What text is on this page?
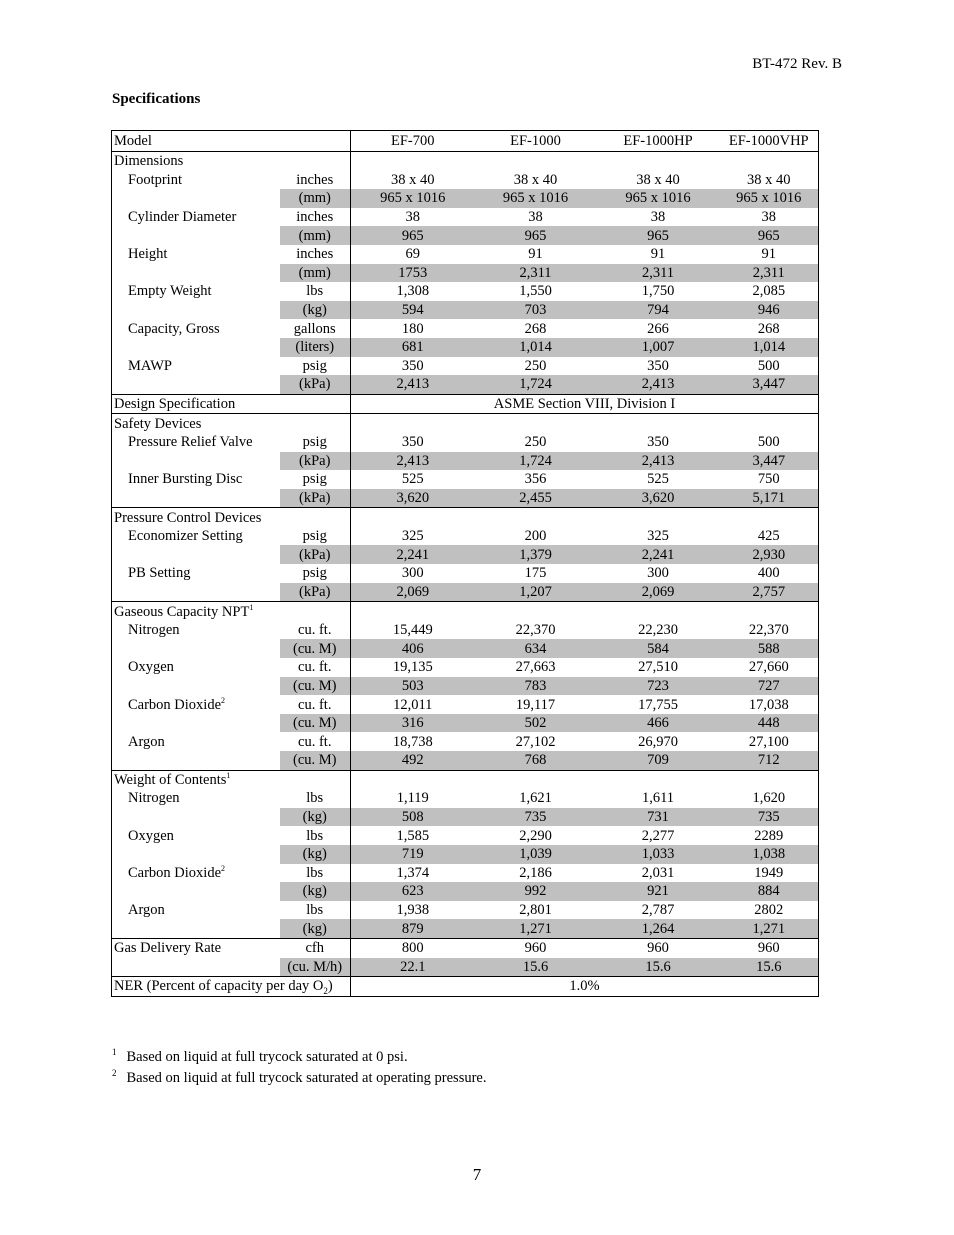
BT-472 Rev. B
Specifications
Model		EF-700	EF-1000	EF-1000HP	EF-1000VHP
Dimensions					
Footprint	inches	38 x 40	38 x 40	38 x 40	38 x 40
	(mm)	965 x 1016	965 x 1016	965 x 1016	965 x 1016
Cylinder Diameter	inches	38	38	38	38
	(mm)	965	965	965	965
Height	inches	69	91	91	91
	(mm)	1753	2,311	2,311	2,311
Empty Weight	lbs	1,308	1,550	1,750	2,085
	(kg)	594	703	794	946
Capacity, Gross	gallons	180	268	266	268
	(liters)	681	1,014	1,007	1,014
MAWP	psig	350	250	350	500
	(kPa)	2,413	1,724	2,413	3,447
Design Specification		ASME Section VIII, Division I			
Safety Devices					
Pressure Relief Valve	psig	350	250	350	500
	(kPa)	2,413	1,724	2,413	3,447
Inner Bursting Disc	psig	525	356	525	750
	(kPa)	3,620	2,455	3,620	5,171
Pressure Control Devices					
Economizer Setting	psig	325	200	325	425
	(kPa)	2,241	1,379	2,241	2,930
PB Setting	psig	300	175	300	400
	(kPa)	2,069	1,207	2,069	2,757
Gaseous Capacity NPT$^1$					
Nitrogen	cu. ft.	15,449	22,370	22,230	22,370
	(cu. M)	406	634	584	588
Oxygen	cu. ft.	19,135	27,663	27,510	27,660
	(cu. M)	503	783	723	727
Carbon Dioxide$^2$	cu. ft.	12,011	19,117	17,755	17,038
	(cu. M)	316	502	466	448
Argon	cu. ft.	18,738	27,102	26,970	27,100
	(cu. M)	492	768	709	712
Weight of Contents$^1$					
Nitrogen	lbs	1,119	1,621	1,611	1,620
	(kg)	508	735	731	735
Oxygen	lbs	1,585	2,290	2,277	2289
	(kg)	719	1,039	1,033	1,038
Carbon Dioxide$^2$	lbs	1,374	2,186	2,031	1949
	(kg)	623	992	921	884
Argon	lbs	1,938	2,801	2,787	2802
	(kg)	879	1,271	1,264	1,271
Gas Delivery Rate	cfh	800	960	960	960
	(cu. M/h)	22.1	15.6	15.6	15.6
NER (Percent of capacity per day $O_2$)		1.0%			
$^1$ Based on liquid at full trycock saturated at 0 psi.
$^2$ Based on liquid at full trycock saturated at operating pressure.
7
